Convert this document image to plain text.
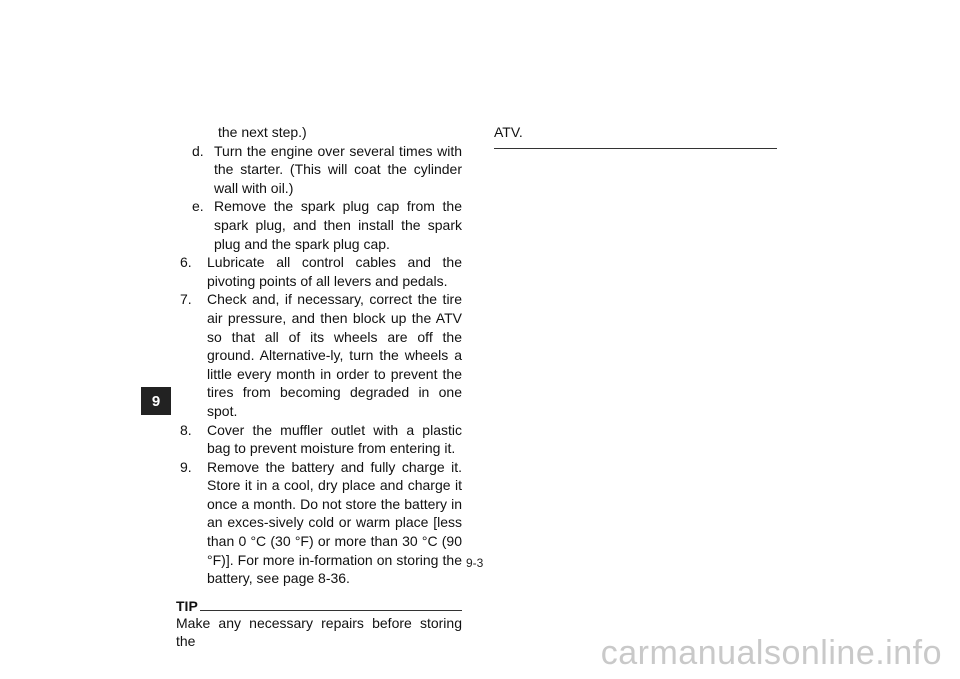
9
the next step.)
d. Turn the engine over several times with the starter. (This will coat the cylinder wall with oil.)
e. Remove the spark plug cap from the spark plug, and then install the spark plug and the spark plug cap.
6.	Lubricate all control cables and the pivoting points of all levers and pedals.
7.	Check and, if necessary, correct the tire air pressure, and then block up the ATV so that all of its wheels are off the ground. Alternative-ly, turn the wheels a little every month in order to prevent the tires from becoming degraded in one spot.
8.	Cover the muffler outlet with a plastic bag to prevent moisture from entering it.
9.	Remove the battery and fully charge it. Store it in a cool, dry place and charge it once a month. Do not store the battery in an exces-sively cold or warm place [less than 0 °C (30 °F) or more than 30 °C (90 °F)]. For more in-formation on storing the battery, see page 8-36.
TIP
Make any necessary repairs before storing the
ATV.
9-3
carmanualsonline.info
